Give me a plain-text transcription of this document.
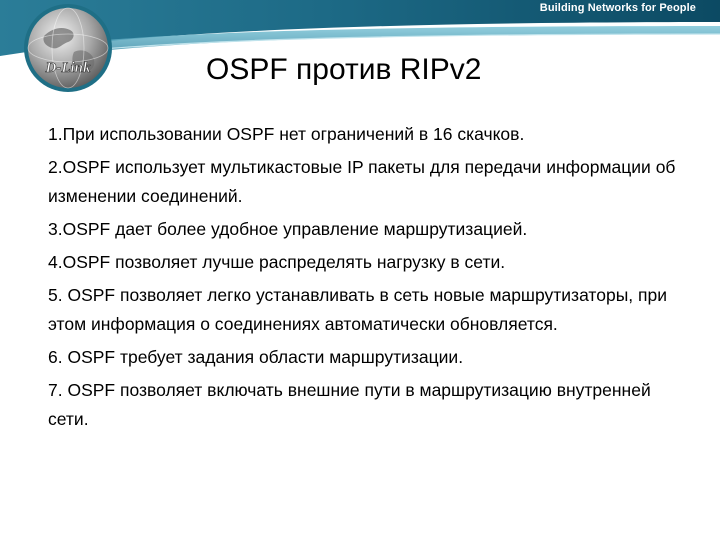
Building Networks for People
D-Link	OSPF против RIPv2
1.При использовании OSPF нет ограничений в 16 скачков.
2.OSPF использует мультикастовые IP пакеты для передачи информации об изменении соединений.
3.OSPF дает более удобное управление маршрутизацией.
4.OSPF позволяет лучше распределять нагрузку в сети.
5. OSPF позволяет легко устанавливать в сеть новые маршрутизаторы, при этом информация о соединениях автоматически обновляется.
6. OSPF требует задания области маршрутизации.
7. OSPF позволяет включать внешние пути в маршрутизацию внутренней сети.
